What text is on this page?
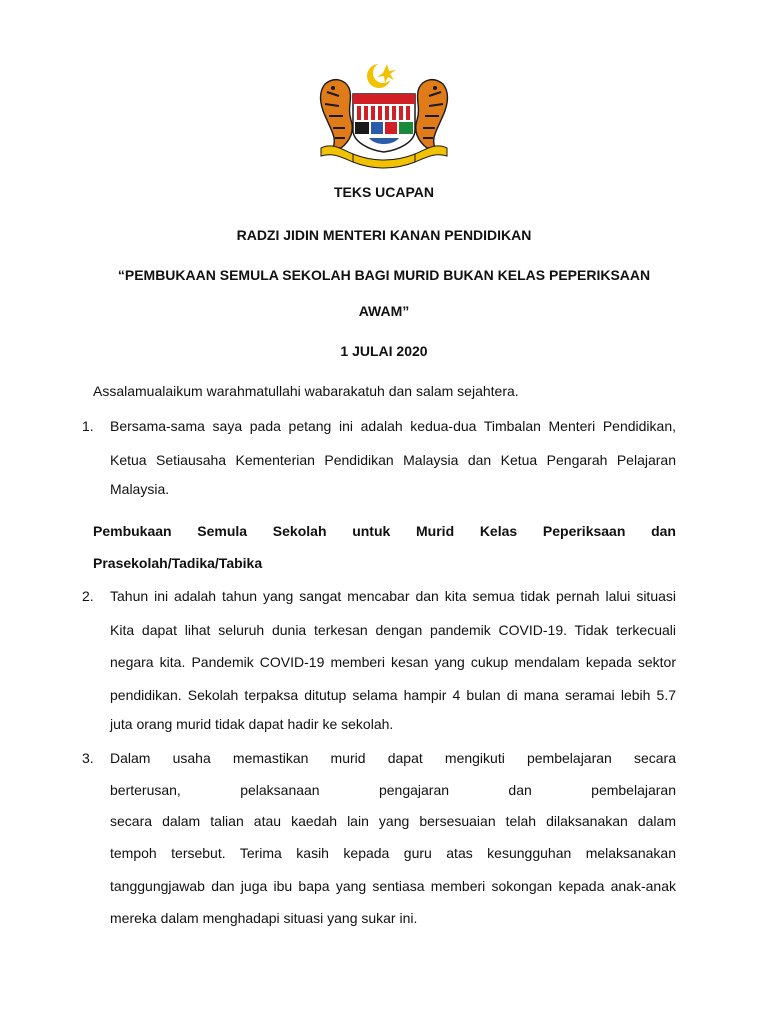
TEKS UCAPAN
RADZI JIDIN MENTERI KANAN PENDIDIKAN
“PEMBUKAAN SEMULA SEKOLAH BAGI MURID BUKAN KELAS PEPERIKSAAN
AWAM”
1 JULAI 2020
Assalamualaikum warahmatullahi wabarakatuh dan salam sejahtera.
1. Bersama-sama saya pada petang ini adalah kedua-dua Timbalan Menteri Pendidikan,
Ketua Setiausaha Kementerian Pendidikan Malaysia dan Ketua Pengarah Pelajaran
Malaysia.
Pembukaan Semula Sekolah untuk Murid Kelas Peperiksaan dan
Prasekolah/Tadika/Tabika
2. Tahun ini adalah tahun yang sangat mencabar dan kita semua tidak pernah lalui situasi
Kita dapat lihat seluruh dunia terkesan dengan pandemik COVID-19. Tidak terkecuali
negara kita. Pandemik COVID-19 memberi kesan yang cukup mendalam kepada sektor
pendidikan. Sekolah terpaksa ditutup selama hampir 4 bulan di mana seramai lebih 5.7
juta orang murid tidak dapat hadir ke sekolah.
3. Dalam usaha memastikan murid dapat mengikuti pembelajaran secara
berterusan, pelaksanaan pengajaran dan pembelajaran
secara dalam talian atau kaedah lain yang bersesuaian telah dilaksanakan dalam
tempoh tersebut. Terima kasih kepada guru atas kesungguhan melaksanakan
tanggungjawab dan juga ibu bapa yang sentiasa memberi sokongan kepada anak-anak
mereka dalam menghadapi situasi yang sukar ini.
